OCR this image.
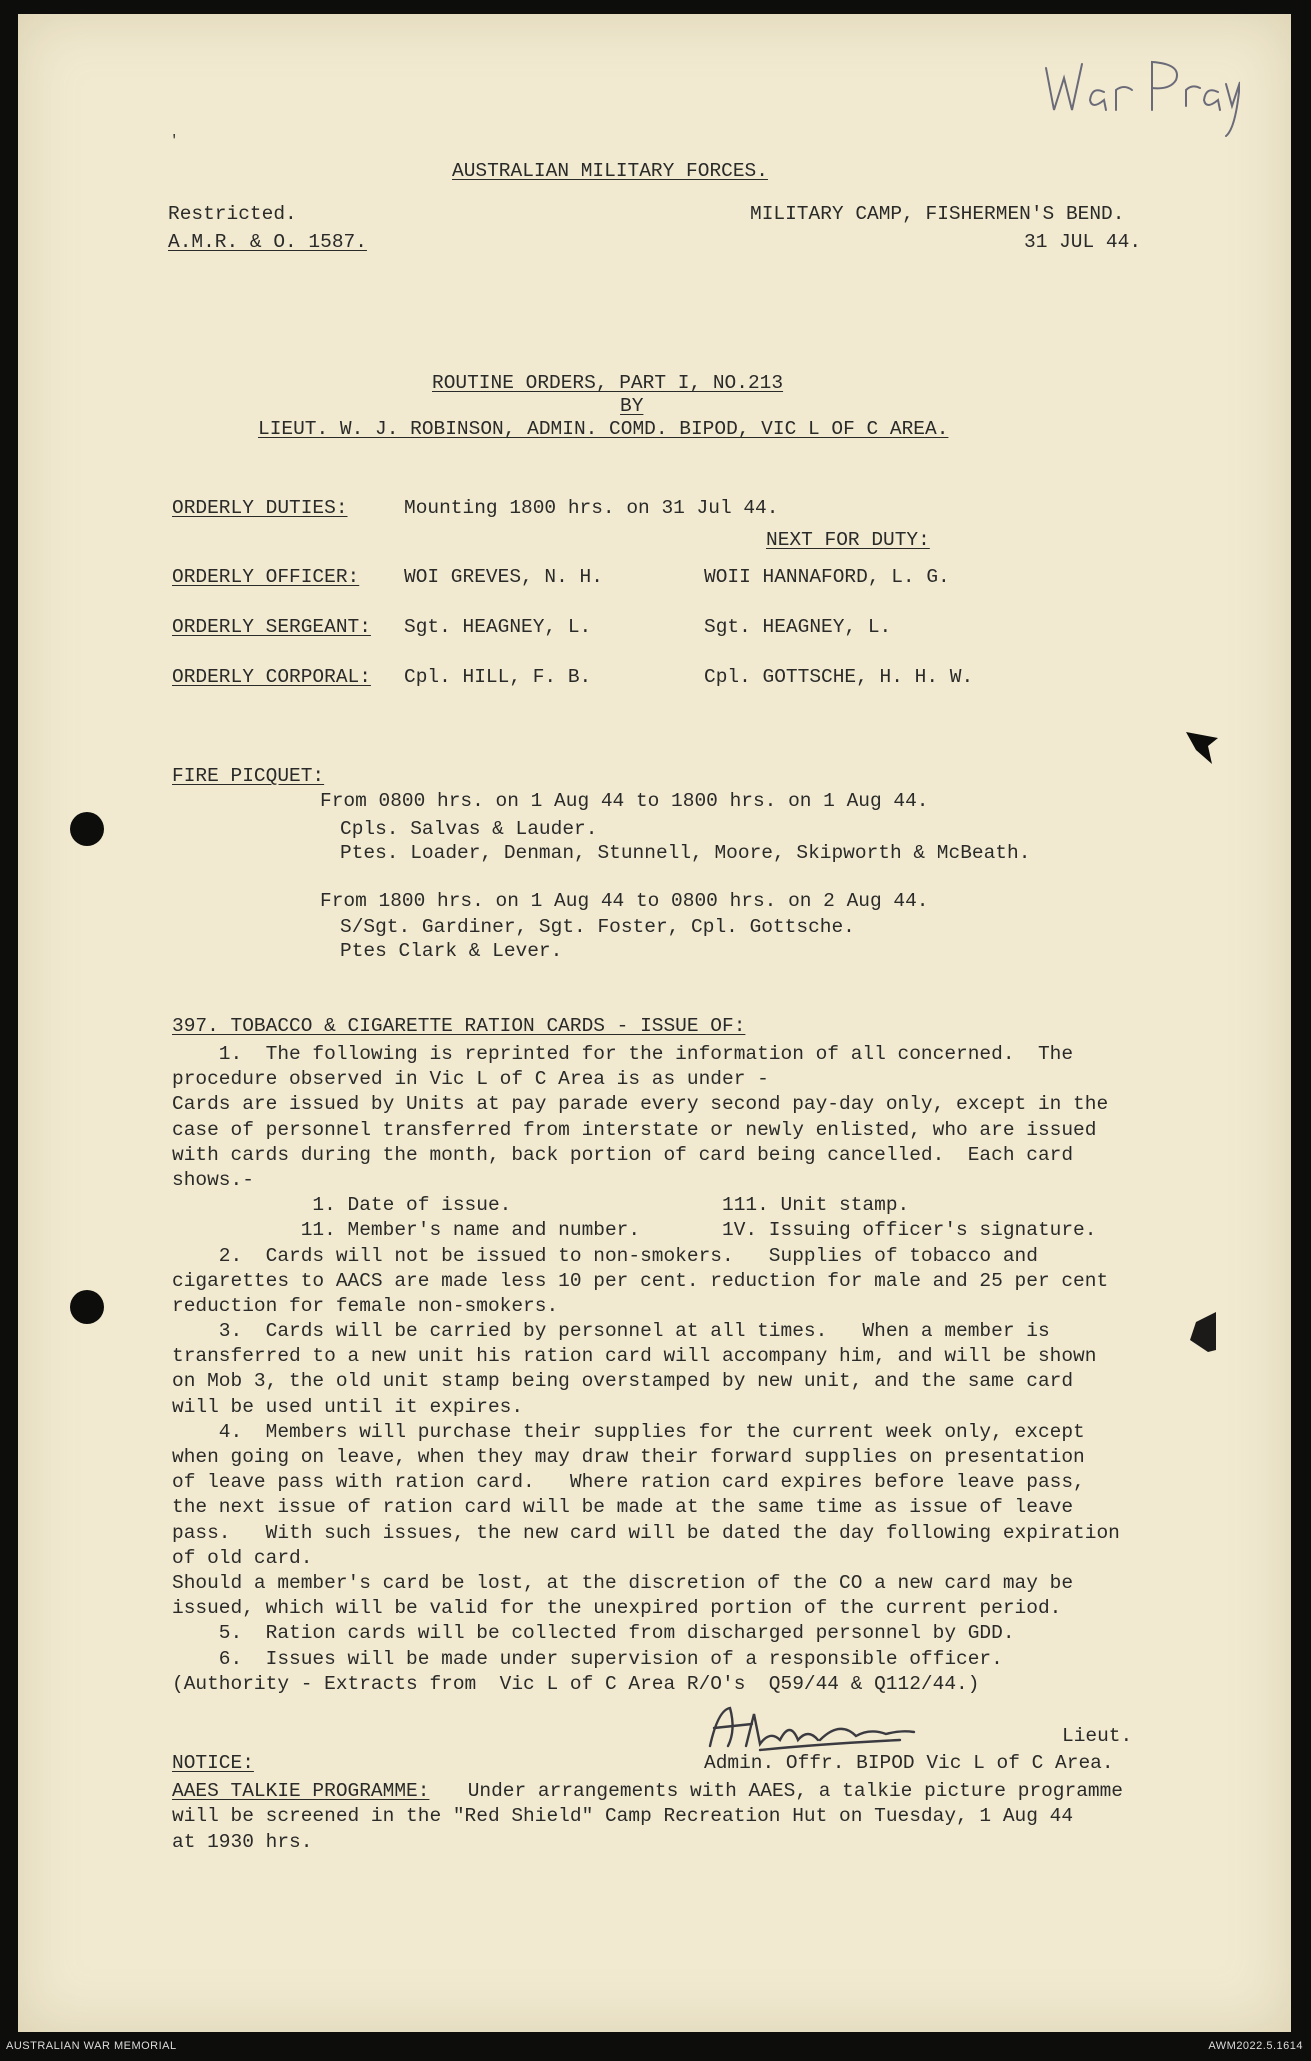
'
AUSTRALIAN MILITARY FORCES.
Restricted.
A.M.R. & O. 1587.
MILITARY CAMP, FISHERMEN'S BEND.
31 JUL 44.
ROUTINE ORDERS, PART I, NO.213
BY
LIEUT. W. J. ROBINSON, ADMIN. COMD. BIPOD, VIC L OF C AREA.
ORDERLY DUTIES:	Mounting 1800 hrs. on 31 Jul 44.
NEXT FOR DUTY:
ORDERLY OFFICER: WOI GREVES, N. H.	WOII HANNAFORD, L. G.
ORDERLY SERGEANT: Sgt. HEAGNEY, L.	Sgt. HEAGNEY, L.
ORDERLY CORPORAL: Cpl. HILL, F. B.	Cpl. GOTTSCHE, H. H. W.
FIRE PICQUET:
From 0800 hrs. on 1 Aug 44 to 1800 hrs. on 1 Aug 44.
Cpls. Salvas & Lauder.
Ptes. Loader, Denman, Stunnell, Moore, Skipworth & McBeath.
From 1800 hrs. on 1 Aug 44 to 0800 hrs. on 2 Aug 44.
S/Sgt. Gardiner, Sgt. Foster, Cpl. Gottsche.
Ptes Clark & Lever.
397. TOBACCO & CIGARETTE RATION CARDS - ISSUE OF:
1.  The following is reprinted for the information of all concerned.  The
procedure observed in Vic L of C Area is as under -
Cards are issued by Units at pay parade every second pay-day only, except in the
case of personnel transferred from interstate or newly enlisted, who are issued
with cards during the month, back portion of card being cancelled.  Each card
shows.-
1. Date of issue.                  111. Unit stamp.
11. Member's name and number.       1V. Issuing officer's signature.
2.  Cards will not be issued to non-smokers.   Supplies of tobacco and
cigarettes to AACS are made less 10 per cent. reduction for male and 25 per cent
reduction for female non-smokers.
3.  Cards will be carried by personnel at all times.   When a member is
transferred to a new unit his ration card will accompany him, and will be shown
on Mob 3, the old unit stamp being overstamped by new unit, and the same card
will be used until it expires.
4.  Members will purchase their supplies for the current week only, except
when going on leave, when they may draw their forward supplies on presentation
of leave pass with ration card.   Where ration card expires before leave pass,
the next issue of ration card will be made at the same time as issue of leave
pass.   With such issues, the new card will be dated the day following expiration
of old card.
Should a member's card be lost, at the discretion of the CO a new card may be
issued, which will be valid for the unexpired portion of the current period.
5.  Ration cards will be collected from discharged personnel by GDD.
6.  Issues will be made under supervision of a responsible officer.
(Authority - Extracts from  Vic L of C Area R/O's  Q59/44 & Q112/44.)
Lieut.
Admin. Offr. BIPOD Vic L of C Area.
NOTICE:
AAES TALKIE PROGRAMME: Under arrangements with AAES, a talkie picture programme
will be screened in the "Red Shield" Camp Recreation Hut on Tuesday, 1 Aug 44
at 1930 hrs.
AUSTRALIAN WAR MEMORIAL	AWM2022.5.1614
